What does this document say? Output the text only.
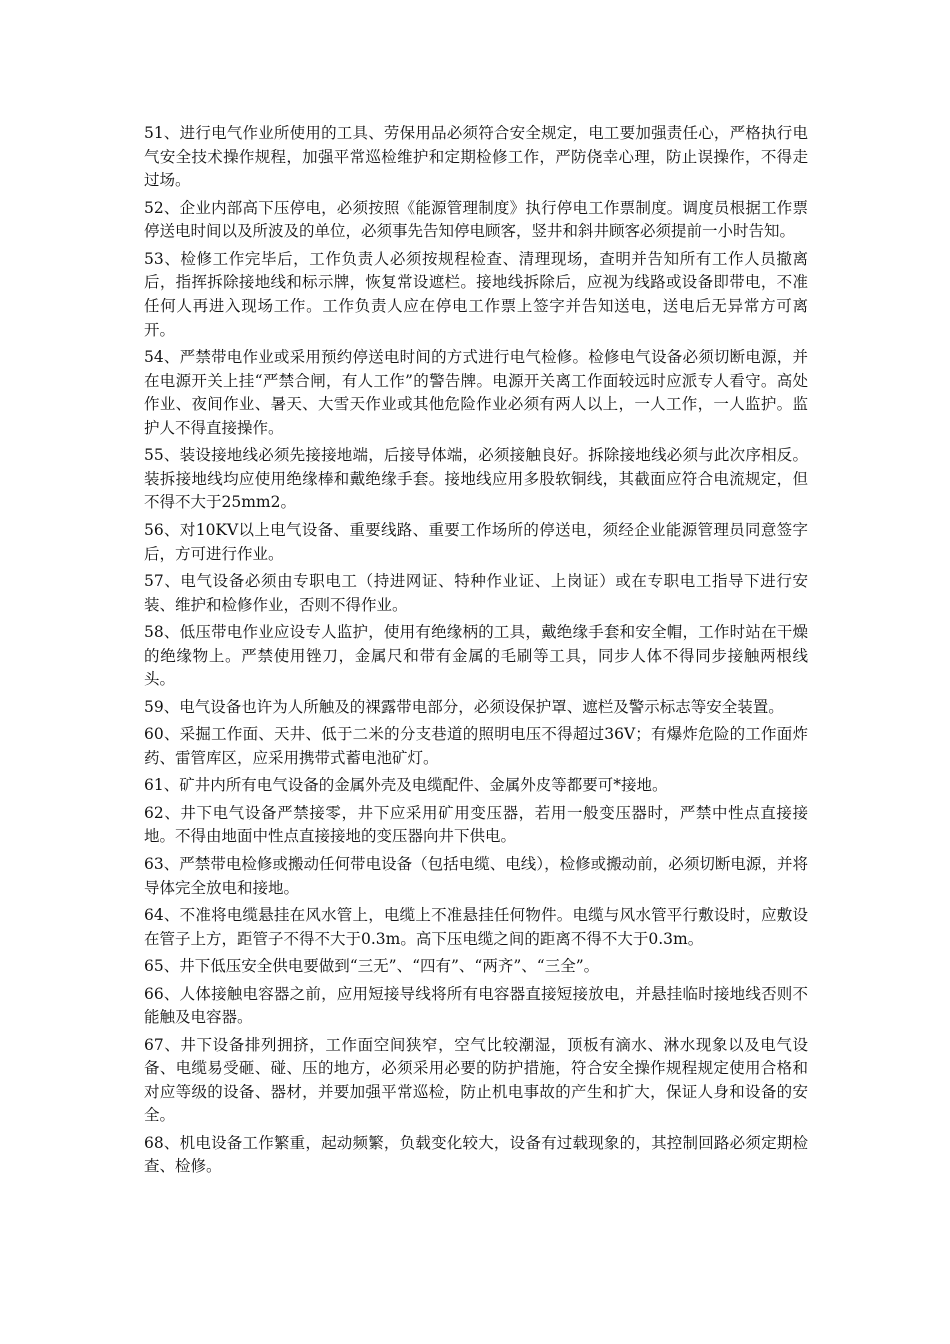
51、进行电气作业所使用的工具、劳保用品必须符合安全规定，电工要加强责任心，严格执行电气安全技术操作规程，加强平常巡检维护和定期检修工作，严防侥幸心理，防止误操作，不得走过场。

52、企业内部高下压停电，必须按照《能源管理制度》执行停电工作票制度。调度员根据工作票停送电时间以及所波及的单位，必须事先告知停电顾客，竖井和斜井顾客必须提前一小时告知。

53、检修工作完毕后，工作负责人必须按规程检查、清理现场，查明并告知所有工作人员撤离后，指挥拆除接地线和标示牌，恢复常设遮栏。接地线拆除后，应视为线路或设备即带电，不准任何人再进入现场工作。工作负责人应在停电工作票上签字并告知送电，送电后无异常方可离开。

54、严禁带电作业或采用预约停送电时间的方式进行电气检修。检修电气设备必须切断电源，并在电源开关上挂“严禁合闸，有人工作”的警告牌。电源开关离工作面较远时应派专人看守。高处作业、夜间作业、暑天、大雪天作业或其他危险作业必须有两人以上，一人工作，一人监护。监护人不得直接操作。

55、装设接地线必须先接接地端，后接导体端，必须接触良好。拆除接地线必须与此次序相反。装拆接地线均应使用绝缘棒和戴绝缘手套。接地线应用多股软铜线，其截面应符合电流规定，但不得不大于25mm2。

56、对10KV以上电气设备、重要线路、重要工作场所的停送电，须经企业能源管理员同意签字后，方可进行作业。

57、电气设备必须由专职电工（持进网证、特种作业证、上岗证）或在专职电工指导下进行安装、维护和检修作业，否则不得作业。

58、低压带电作业应设专人监护，使用有绝缘柄的工具，戴绝缘手套和安全帽，工作时站在干燥的绝缘物上。严禁使用锉刀，金属尺和带有金属的毛刷等工具，同步人体不得同步接触两根线头。

59、电气设备也许为人所触及的裸露带电部分，必须设保护罩、遮栏及警示标志等安全装置。

60、采掘工作面、天井、低于二米的分支巷道的照明电压不得超过36V；有爆炸危险的工作面炸药、雷管库区，应采用携带式蓄电池矿灯。

61、矿井内所有电气设备的金属外壳及电缆配件、金属外皮等都要可*接地。

62、井下电气设备严禁接零，井下应采用矿用变压器，若用一般变压器时，严禁中性点直接接地。不得由地面中性点直接接地的变压器向井下供电。

63、严禁带电检修或搬动任何带电设备（包括电缆、电线），检修或搬动前，必须切断电源，并将导体完全放电和接地。

64、不准将电缆悬挂在风水管上，电缆上不准悬挂任何物件。电缆与风水管平行敷设时，应敷设在管子上方，距管子不得不大于0.3m。高下压电缆之间的距离不得不大于0.3m。

65、井下低压安全供电要做到“三无”、“四有”、“两齐”、“三全”。

66、人体接触电容器之前，应用短接导线将所有电容器直接短接放电，并悬挂临时接地线否则不能触及电容器。

67、井下设备排列拥挤，工作面空间狭窄，空气比较潮湿，顶板有滴水、淋水现象以及电气设备、电缆易受砸、碰、压的地方，必须采用必要的防护措施，符合安全操作规程规定使用合格和对应等级的设备、器材，并要加强平常巡检，防止机电事故的产生和扩大，保证人身和设备的安全。

68、机电设备工作繁重，起动频繁，负载变化较大，设备有过载现象的，其控制回路必须定期检查、检修。
